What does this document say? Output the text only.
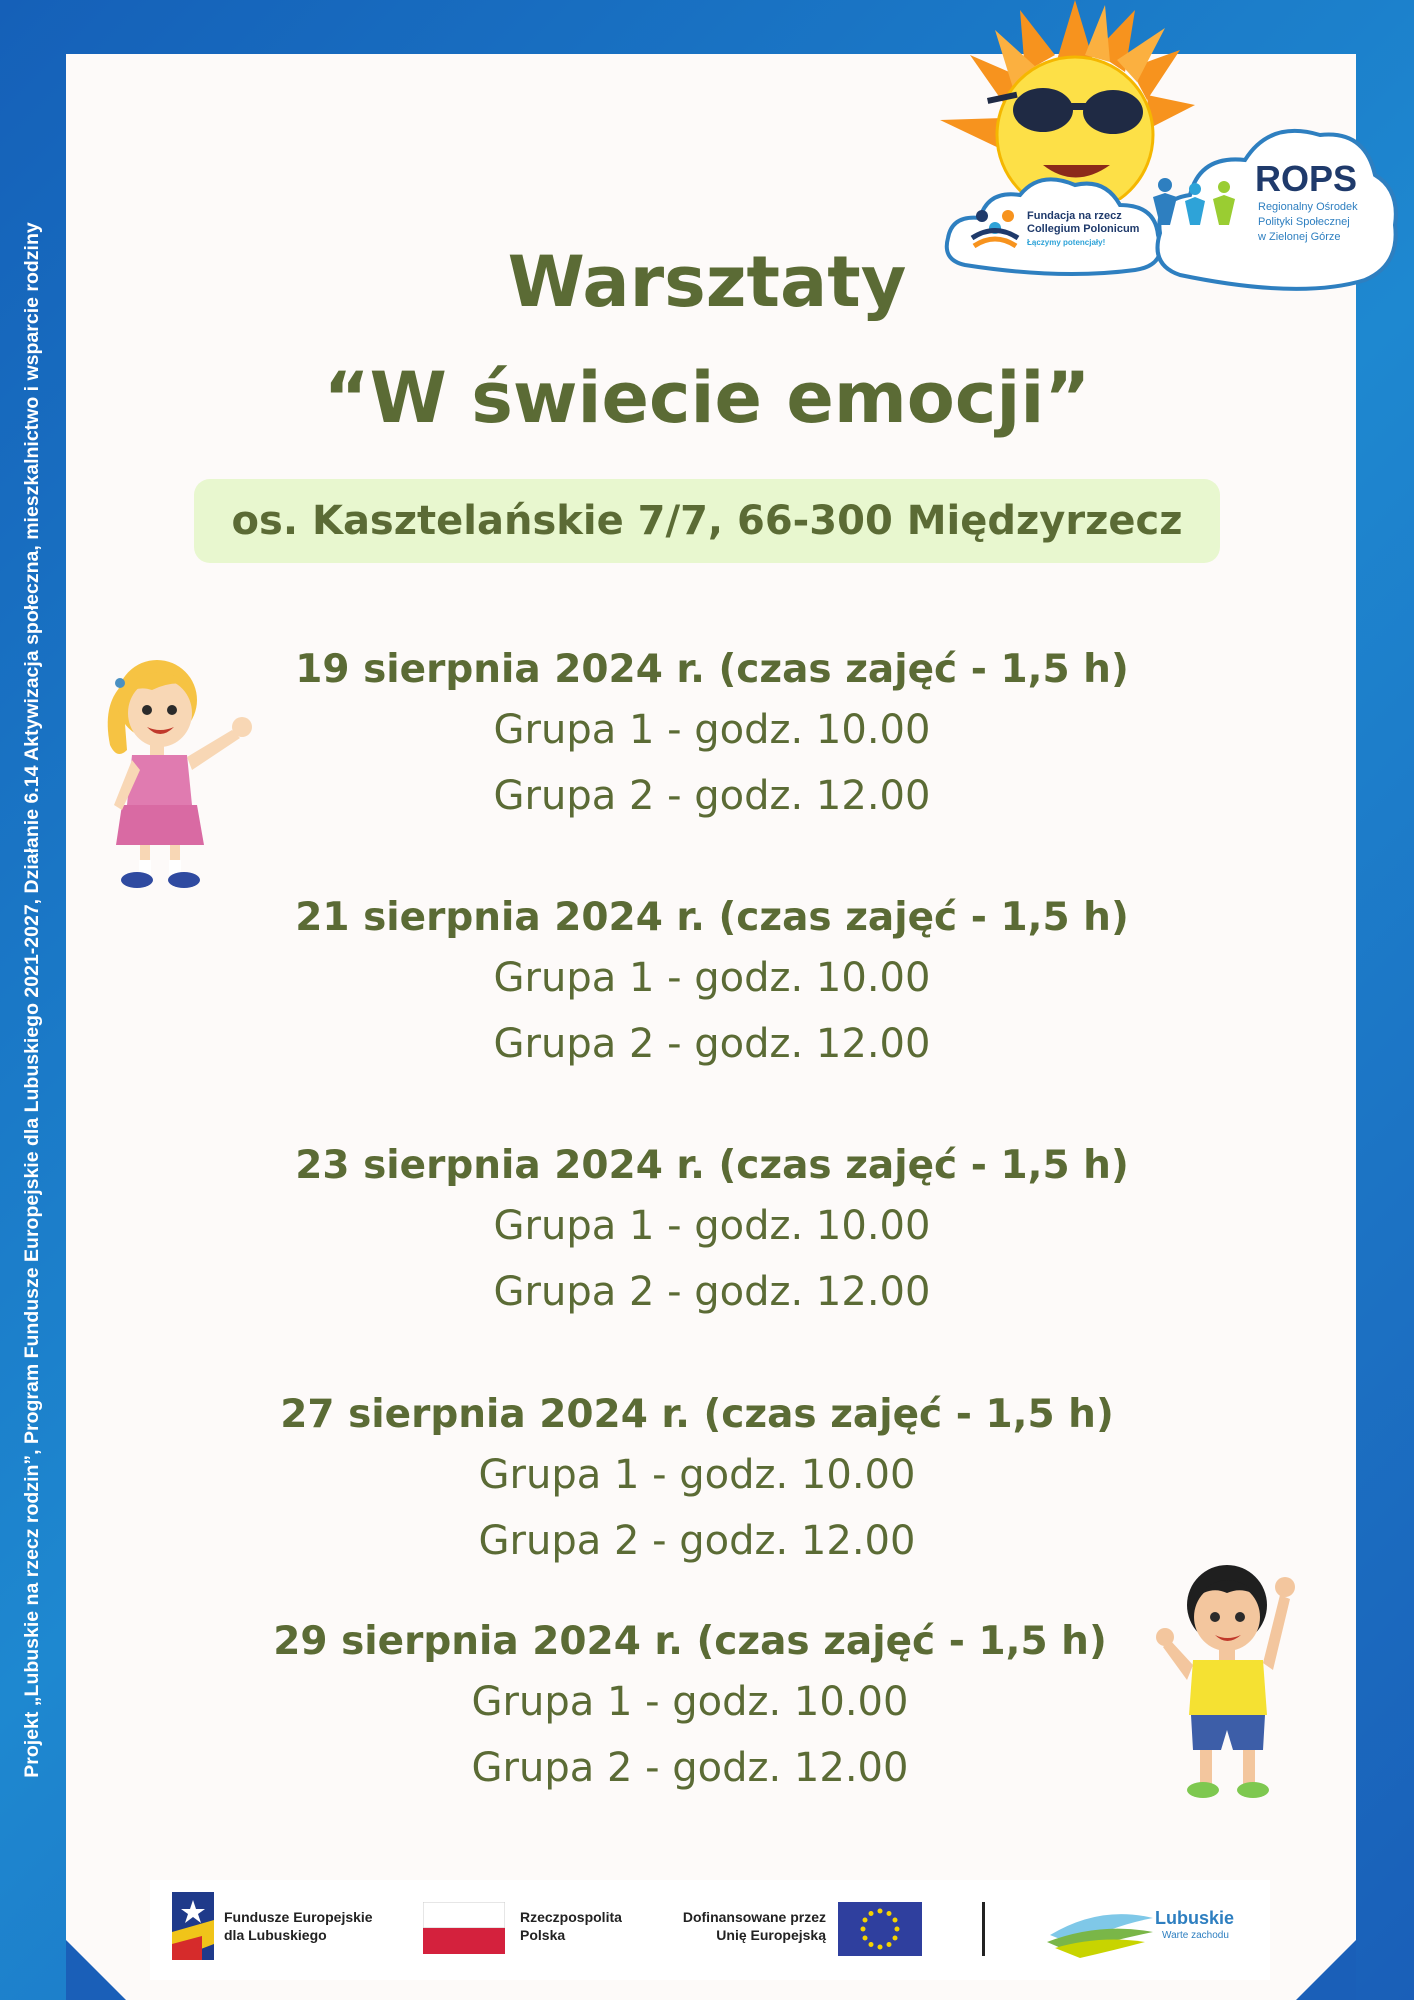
Projekt „Lubuskie na rzecz rodzin”, Program Fundusze Europejskie dla Lubuskiego 2021-2027, Działanie 6.14 Aktywizacja społeczna, mieszkalnictwo i wsparcie rodziny
Fundacja na rzecz
Collegium Polonicum
Łączymy potencjały!
ROPS
Regionalny Ośrodek
Polityki Społecznej
w Zielonej Górze
Warsztaty
“W świecie emocji”
os. Kasztelańskie 7/7, 66-300 Międzyrzecz
19 sierpnia 2024 r. (czas zajęć - 1,5 h)
Grupa 1 - godz. 10.00
Grupa 2 - godz. 12.00
21 sierpnia 2024 r. (czas zajęć - 1,5 h)
Grupa 1 - godz. 10.00
Grupa 2 - godz. 12.00
23 sierpnia 2024 r. (czas zajęć - 1,5 h)
Grupa 1 - godz. 10.00
Grupa 2 - godz. 12.00
27 sierpnia 2024 r. (czas zajęć - 1,5 h)
Grupa 1 - godz. 10.00
Grupa 2 - godz. 12.00
29 sierpnia 2024 r. (czas zajęć - 1,5 h)
Grupa 1 - godz. 10.00
Grupa 2 - godz. 12.00
Fundusze Europejskie
dla Lubuskiego
Rzeczpospolita
Polska
Dofinansowane przez
Unię Europejską
Lubuskie
Warte zachodu
